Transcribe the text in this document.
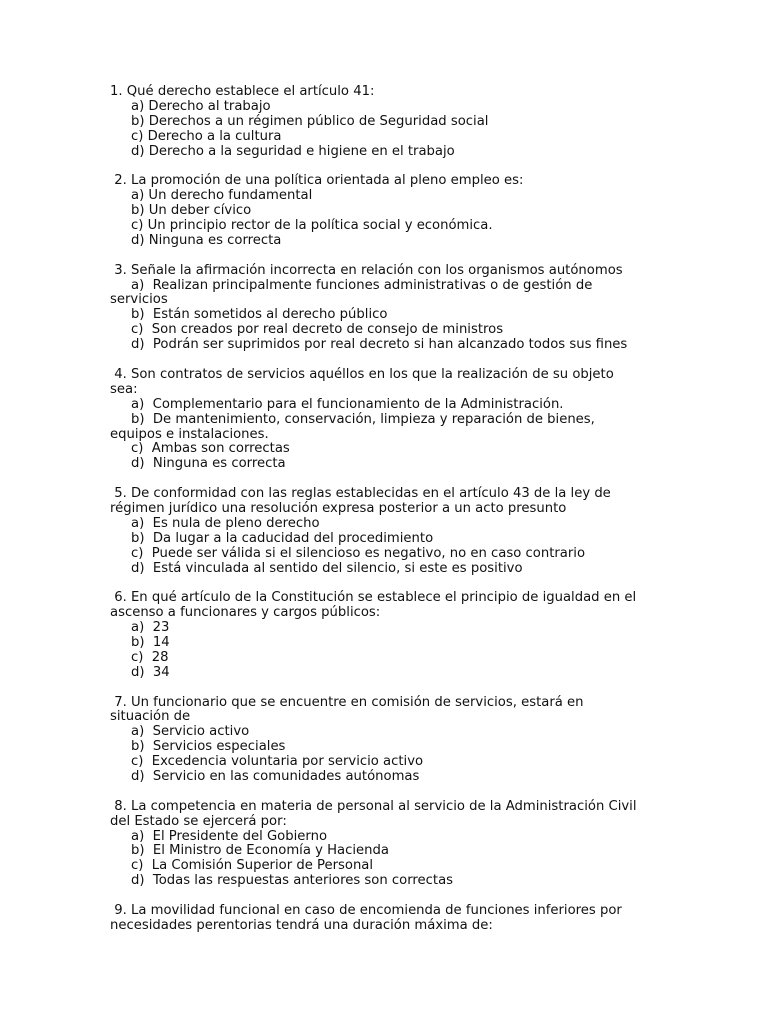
1. Qué derecho establece el artículo 41:
a) Derecho al trabajo
b) Derechos a un régimen público de Seguridad social
c) Derecho a la cultura
d) Derecho a la seguridad e higiene en el trabajo
2. La promoción de una política orientada al pleno empleo es:
a) Un derecho fundamental
b) Un deber cívico
c) Un principio rector de la política social y económica.
d) Ninguna es correcta
3. Señale la afirmación incorrecta en relación con los organismos autónomos
a)  Realizan principalmente funciones administrativas o de gestión de
servicios
b)  Están sometidos al derecho público
c)  Son creados por real decreto de consejo de ministros
d)  Podrán ser suprimidos por real decreto si han alcanzado todos sus fines
4. Son contratos de servicios aquéllos en los que la realización de su objeto
sea:
a)  Complementario para el funcionamiento de la Administración.
b)  De mantenimiento, conservación, limpieza y reparación de bienes,
equipos e instalaciones.
c)  Ambas son correctas
d)  Ninguna es correcta
5. De conformidad con las reglas establecidas en el artículo 43 de la ley de
régimen jurídico una resolución expresa posterior a un acto presunto
a)  Es nula de pleno derecho
b)  Da lugar a la caducidad del procedimiento
c)  Puede ser válida si el silencioso es negativo, no en caso contrario
d)  Está vinculada al sentido del silencio, si este es positivo
6. En qué artículo de la Constitución se establece el principio de igualdad en el
ascenso a funcionares y cargos públicos:
a)  23
b)  14
c)  28
d)  34
7. Un funcionario que se encuentre en comisión de servicios, estará en
situación de
a)  Servicio activo
b)  Servicios especiales
c)  Excedencia voluntaria por servicio activo
d)  Servicio en las comunidades autónomas
8. La competencia en materia de personal al servicio de la Administración Civil
del Estado se ejercerá por:
a)  El Presidente del Gobierno
b)  El Ministro de Economía y Hacienda
c)  La Comisión Superior de Personal
d)  Todas las respuestas anteriores son correctas
9. La movilidad funcional en caso de encomienda de funciones inferiores por
necesidades perentorias tendrá una duración máxima de:
